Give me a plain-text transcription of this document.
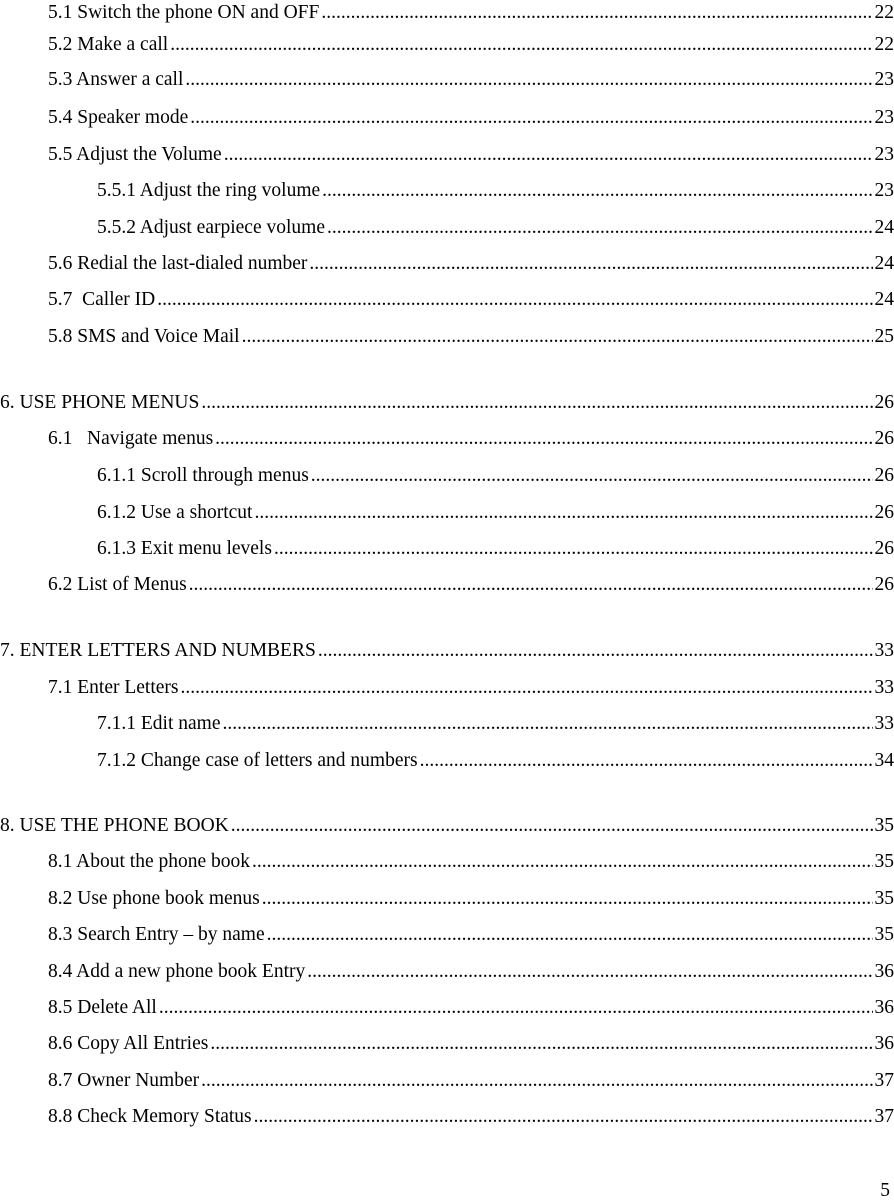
5.1 Switch the phone ON and OFF .....	22
5.2 Make a call .....	22
5.3 Answer a call .....	23
5.4 Speaker mode .....	23
5.5 Adjust the Volume .....	23
5.5.1 Adjust the ring volume .....	23
5.5.2 Adjust earpiece volume .....	24
5.6 Redial the last-dialed number .....	24
5.7  Caller ID .....	24
5.8 SMS and Voice Mail .....	25
6. USE PHONE MENUS .....	26
6.1   Navigate menus .....	26
6.1.1 Scroll through menus .....	26
6.1.2 Use a shortcut .....	26
6.1.3 Exit menu levels .....	26
6.2 List of Menus .....	26
7. ENTER LETTERS AND NUMBERS .....	33
7.1 Enter Letters .....	33
7.1.1 Edit name .....	33
7.1.2 Change case of letters and numbers .....	34
8. USE THE PHONE BOOK .....	35
8.1 About the phone book .....	35
8.2 Use phone book menus .....	35
8.3 Search Entry – by name .....	35
8.4 Add a new phone book Entry .....	36
8.5 Delete All .....	36
8.6 Copy All Entries .....	36
8.7 Owner Number .....	37
8.8 Check Memory Status .....	37
5
